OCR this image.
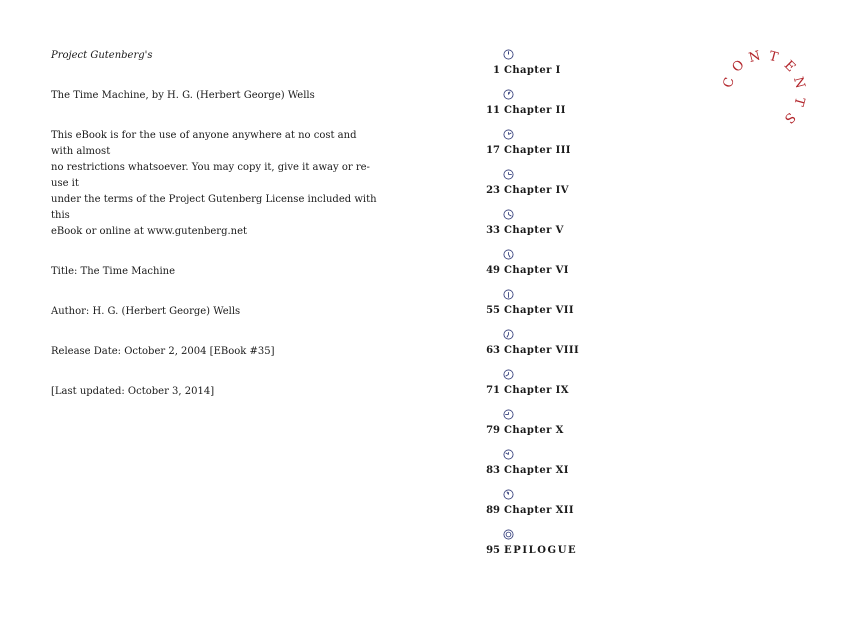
Project Gutenberg's

The Time Machine, by H. G. (Herbert George) Wells

This eBook is for the use of anyone anywhere at no cost and with almost
no restrictions whatsoever. You may copy it, give it away or re-use it
under the terms of the Project Gutenberg License included with this
eBook or online at www.gutenberg.net

Title: The Time Machine

Author: H. G. (Herbert George) Wells

Release Date: October 2, 2004 [EBook #35]

[Last updated: October 3, 2014]

1 Chapter I
11 Chapter II
17 Chapter III
23 Chapter IV
33 Chapter V
49 Chapter VI
55 Chapter VII
63 Chapter VIII
71 Chapter IX
79 Chapter X
83 Chapter XI
89 Chapter XII
95 EPILOGUE
C
O
N T
E
N
T
S
